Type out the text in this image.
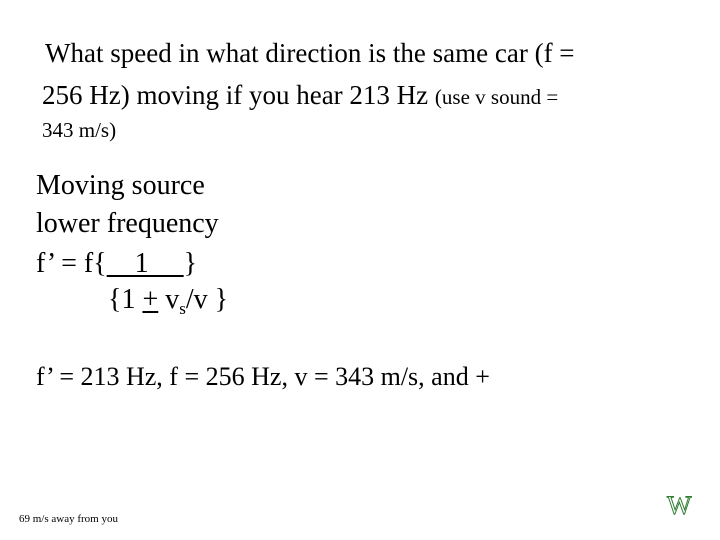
What speed in what direction is the same car (f =
256 Hz) moving if you hear 213 Hz (use v sound =
343 m/s)
Moving source
lower frequency
f’ = f{    1     }
{$1 + v_s/v$ }
f’ = 213 Hz, f = 256 Hz, v = 343 m/s, and +
69 m/s away from you	W
